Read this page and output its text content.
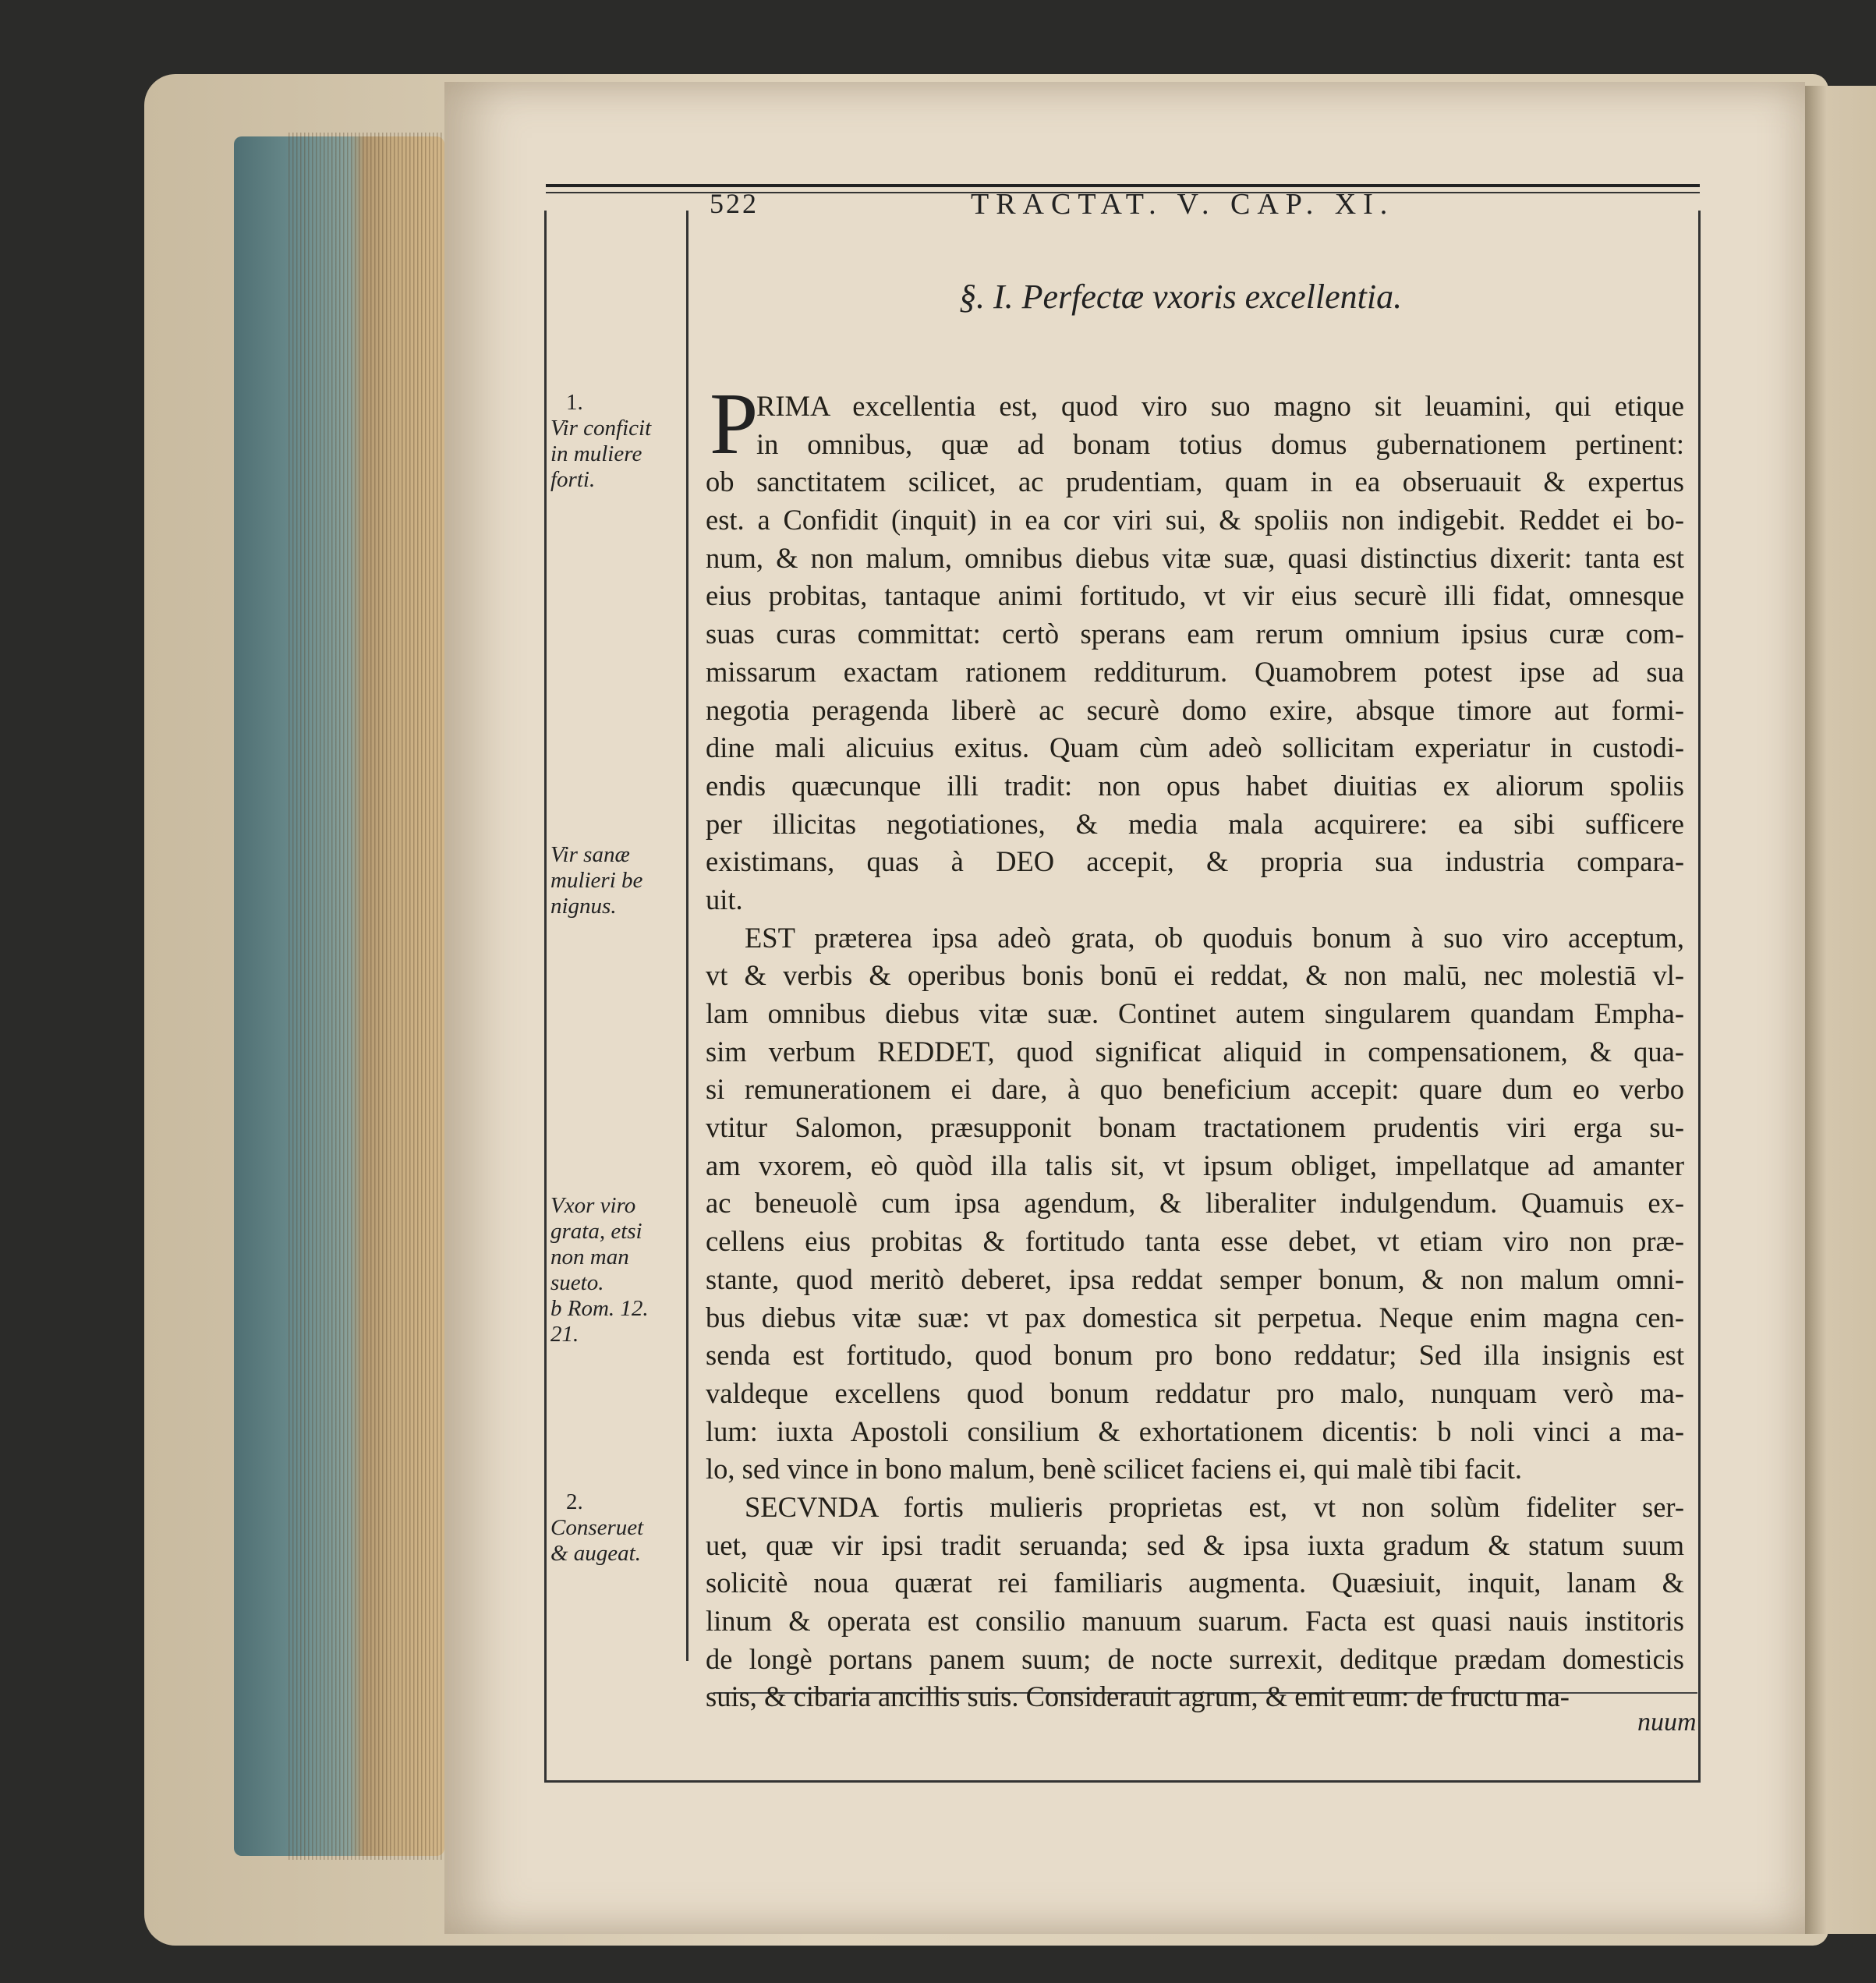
522	TRACTAT. V. CAP. XI.
§. I. Perfectæ vxoris excellentia.
1.
Vir conficit
in muliere
forti.
Vir sanæ
mulieri be
nignus.
Vxor viro
grata, etsi
non man
sueto.
b Rom. 12.
21.
2.
Conseruet
& augeat.
P
RIMA excellentia est, quod viro suo magno sit leuamini, qui etique
in omnibus, quæ ad bonam totius domus gubernationem pertinent:
ob sanctitatem scilicet, ac prudentiam, quam in ea obseruauit & expertus
est. a Confidit (inquit) in ea cor viri sui, & spoliis non indigebit. Reddet ei bo-
num, & non malum, omnibus diebus vitæ suæ, quasi distinctius dixerit: tanta est
eius probitas, tantaque animi fortitudo, vt vir eius securè illi fidat, omnesque
suas curas committat: certò sperans eam rerum omnium ipsius curæ com-
missarum exactam rationem redditurum. Quamobrem potest ipse ad sua
negotia peragenda liberè ac securè domo exire, absque timore aut formi-
dine mali alicuius exitus. Quam cùm adeò sollicitam experiatur in custodi-
endis quæcunque illi tradit: non opus habet diuitias ex aliorum spoliis
per illicitas negotiationes, & media mala acquirere: ea sibi sufficere
existimans, quas à DEO accepit, & propria sua industria compara-
uit.
EST præterea ipsa adeò grata, ob quoduis bonum à suo viro acceptum,
vt & verbis & operibus bonis bonū ei reddat, & non malū, nec molestiā vl-
lam omnibus diebus vitæ suæ. Continet autem singularem quandam Empha-
sim verbum REDDET, quod significat aliquid in compensationem, & qua-
si remunerationem ei dare, à quo beneficium accepit: quare dum eo verbo
vtitur Salomon, præsupponit bonam tractationem prudentis viri erga su-
am vxorem, eò quòd illa talis sit, vt ipsum obliget, impellatque ad amanter
ac beneuolè cum ipsa agendum, & liberaliter indulgendum. Quamuis ex-
cellens eius probitas & fortitudo tanta esse debet, vt etiam viro non præ-
stante, quod meritò deberet, ipsa reddat semper bonum, & non malum omni-
bus diebus vitæ suæ: vt pax domestica sit perpetua. Neque enim magna cen-
senda est fortitudo, quod bonum pro bono reddatur; Sed illa insignis est
valdeque excellens quod bonum reddatur pro malo, nunquam verò ma-
lum: iuxta Apostoli consilium & exhortationem dicentis: b noli vinci a ma-
lo, sed vince in bono malum, benè scilicet faciens ei, qui malè tibi facit.
SECVNDA fortis mulieris proprietas est, vt non solùm fideliter ser-
uet, quæ vir ipsi tradit seruanda; sed & ipsa iuxta gradum & statum suum
solicitè noua quærat rei familiaris augmenta. Quæsiuit, inquit, lanam &
linum & operata est consilio manuum suarum. Facta est quasi nauis institoris
de longè portans panem suum; de nocte surrexit, deditque prædam domesticis
suis, & cibaria ancillis suis. Considerauit agrum, & emit eum: de fructu ma-
nuum
